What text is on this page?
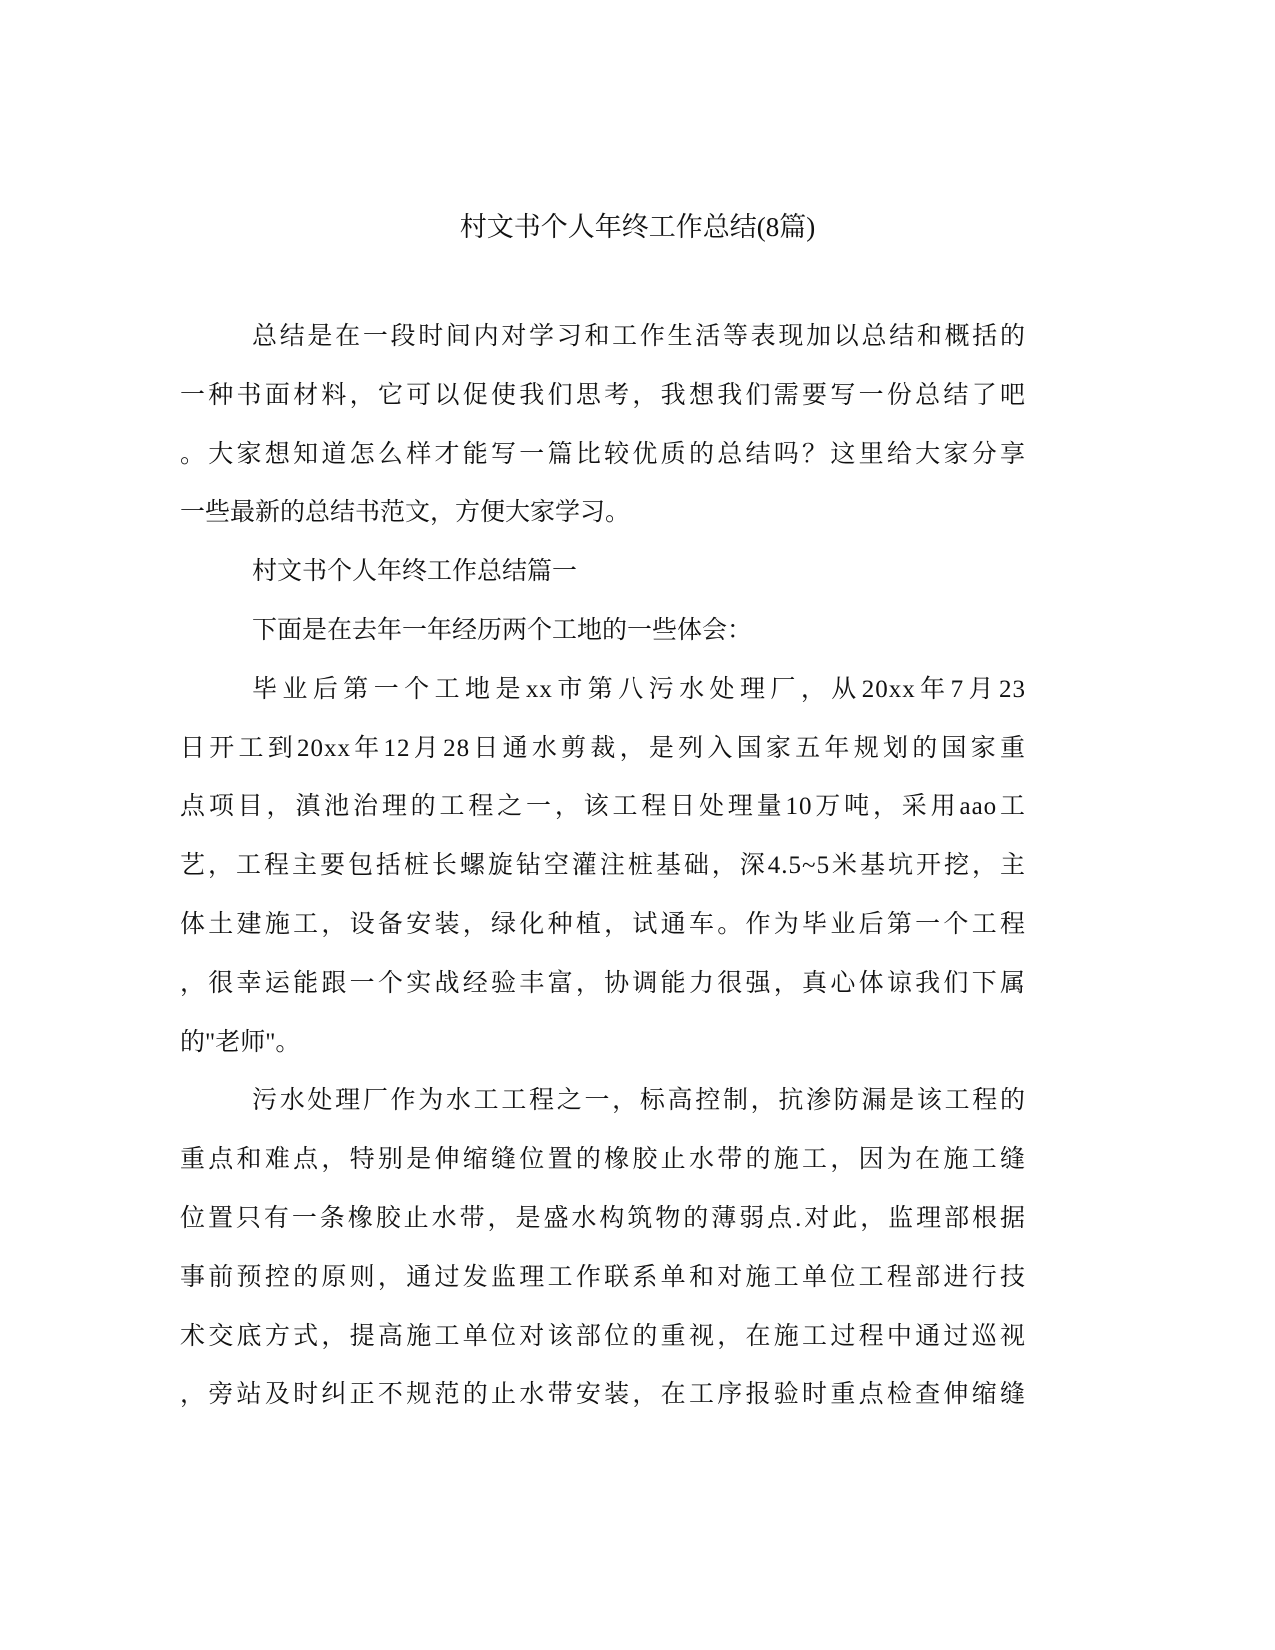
村文书个人年终工作总结(8篇)
总结是在一段时间内对学习和工作生活等表现加以总结和概括的
一种书面材料，它可以促使我们思考，我想我们需要写一份总结了吧
。大家想知道怎么样才能写一篇比较优质的总结吗？这里给大家分享
一些最新的总结书范文，方便大家学习。
村文书个人年终工作总结篇一
下面是在去年一年经历两个工地的一些体会：
毕业后第一个工地是xx市第八污水处理厂，从20xx年7月23
日开工到20xx年12月28日通水剪裁，是列入国家五年规划的国家重
点项目，滇池治理的工程之一，该工程日处理量10万吨，采用aao工
艺，工程主要包括桩长螺旋钻空灌注桩基础，深4.5~5米基坑开挖，主
体土建施工，设备安装，绿化种植，试通车。作为毕业后第一个工程
，很幸运能跟一个实战经验丰富，协调能力很强，真心体谅我们下属
的"老师"。
污水处理厂作为水工工程之一，标高控制，抗渗防漏是该工程的
重点和难点，特别是伸缩缝位置的橡胶止水带的施工，因为在施工缝
位置只有一条橡胶止水带，是盛水构筑物的薄弱点.对此，监理部根据
事前预控的原则，通过发监理工作联系单和对施工单位工程部进行技
术交底方式，提高施工单位对该部位的重视，在施工过程中通过巡视
，旁站及时纠正不规范的止水带安装，在工序报验时重点检查伸缩缝
